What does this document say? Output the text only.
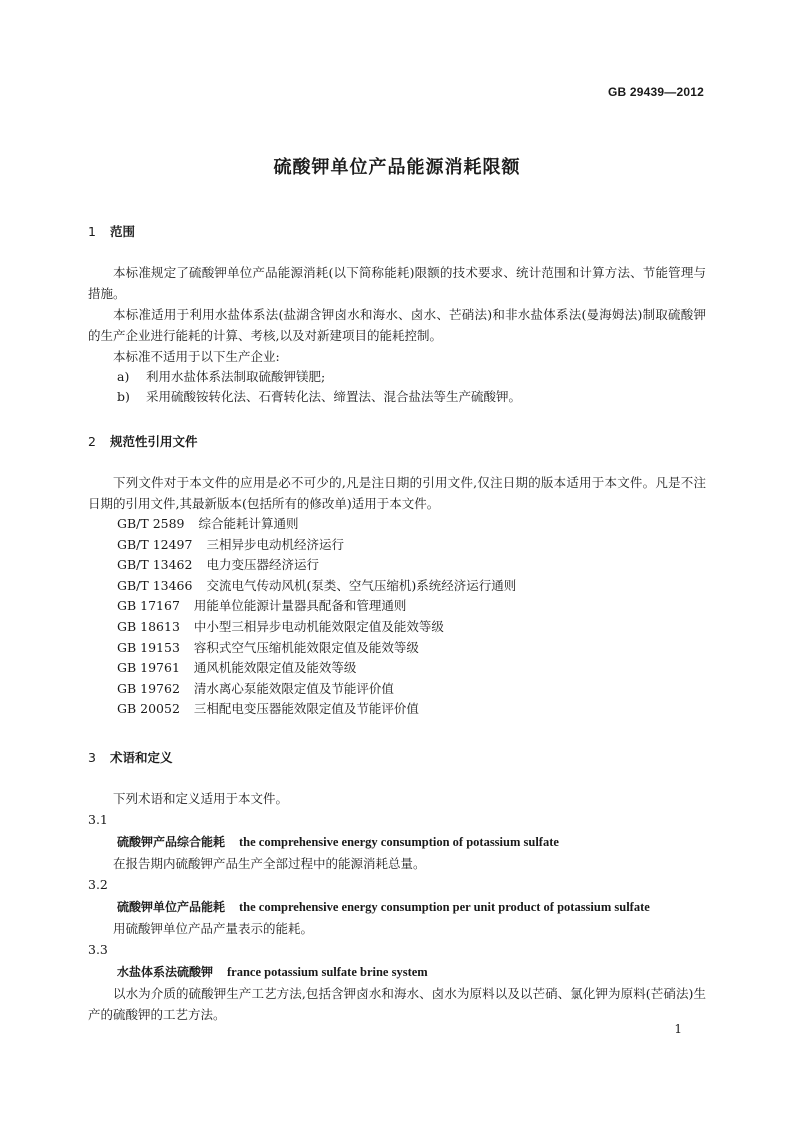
GB 29439—2012
硫酸钾单位产品能源消耗限额

1 范围

本标准规定了硫酸钾单位产品能源消耗(以下简称能耗)限额的技术要求、统计范围和计算方法、节能管理与措施。

本标准适用于利用水盐体系法(盐湖含钾卤水和海水、卤水、芒硝法)和非水盐体系法(曼海姆法)制取硫酸钾的生产企业进行能耗的计算、考核,以及对新建项目的能耗控制。

本标准不适用于以下生产企业:

a) 利用水盐体系法制取硫酸钾镁肥;

b) 采用硫酸铵转化法、石膏转化法、缔置法、混合盐法等生产硫酸钾。

2 规范性引用文件

下列文件对于本文件的应用是必不可少的,凡是注日期的引用文件,仅注日期的版本适用于本文件。凡是不注日期的引用文件,其最新版本(包括所有的修改单)适用于本文件。

GB/T 2589 综合能耗计算通则

GB/T 12497 三相异步电动机经济运行

GB/T 13462 电力变压器经济运行

GB/T 13466 交流电气传动风机(泵类、空气压缩机)系统经济运行通则

GB 17167 用能单位能源计量器具配备和管理通则

GB 18613 中小型三相异步电动机能效限定值及能效等级

GB 19153 容积式空气压缩机能效限定值及能效等级

GB 19761 通风机能效限定值及能效等级

GB 19762 清水离心泵能效限定值及节能评价值

GB 20052 三相配电变压器能效限定值及节能评价值

3 术语和定义

下列术语和定义适用于本文件。

3.1

硫酸钾产品综合能耗 the comprehensive energy consumption of potassium sulfate

在报告期内硫酸钾产品生产全部过程中的能源消耗总量。

3.2

硫酸钾单位产品能耗 the comprehensive energy consumption per unit product of potassium sulfate

用硫酸钾单位产品产量表示的能耗。

3.3

水盐体系法硫酸钾 france potassium sulfate brine system

以水为介质的硫酸钾生产工艺方法,包括含钾卤水和海水、卤水为原料以及以芒硝、氯化钾为原料(芒硝法)生产的硫酸钾的工艺方法。

1
